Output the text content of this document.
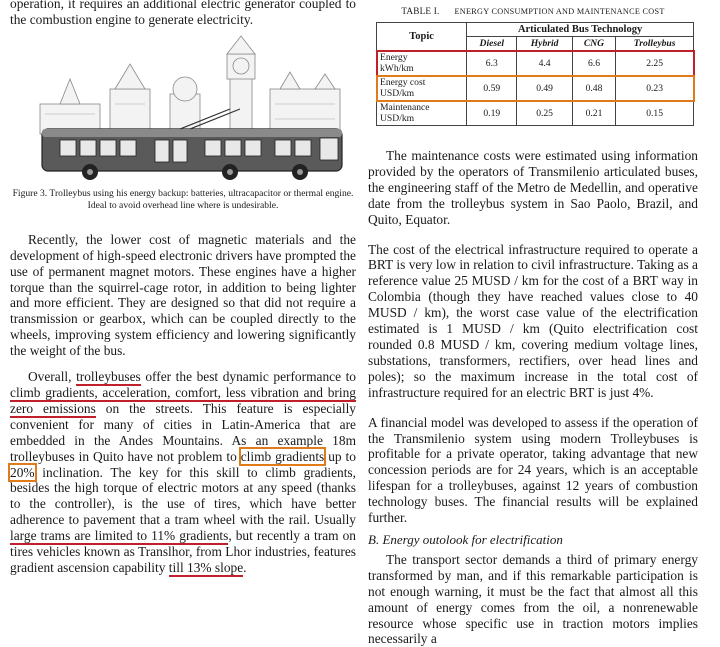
operation, it requires an additional electric generator coupled to the combustion engine to generate electricity.

Figure 3. Trolleybus using his energy backup: batteries, ultracapacitor or thermal engine. Ideal to avoid overhead line where is undesirable.

Recently, the lower cost of magnetic materials and the development of high-speed electronic drivers have prompted the use of permanent magnet motors. These engines have a higher torque than the squirrel-cage rotor, in addition to being lighter and more efficient. They are designed so that did not require a transmission or gearbox, which can be coupled directly to the wheels, improving system efficiency and lowering significantly the weight of the bus.

Overall, trolleybuses offer the best dynamic performance to climb gradients, acceleration, comfort, less vibration and bring zero emissions on the streets. This feature is especially convenient for many of cities in Latin-America that are embedded in the Andes Mountains. As an example 18m trolleybuses in Quito have not problem to climb gradients up to 20% inclination. The key for this skill to climb gradients, besides the high torque of electric motors at any speed (thanks to the controller), is the use of tires, which have better adherence to pavement that a tram wheel with the rail. Usually large trams are limited to 11% gradients, but recently a tram on tires vehicles known as Translhor, from Lhor industries, features gradient ascension capability till 13% slope.

TABLE I. ENERGY CONSUMPTION AND MAINTENANCE COST
Topic	Articulated Bus Technology			
	Diesel	Hybrid	CNG	Trolleybus
Energy
kWh/km	6.3	4.4	6.6	2.25
Energy cost
USD/km	0.59	0.49	0.48	0.23
Maintenance
USD/km	0.19	0.25	0.21	0.15

The maintenance costs were estimated using information provided by the operators of Transmilenio articulated buses, the engineering staff of the Metro de Medellin, and operative date from the trolleybus system in Sao Paolo, Brazil, and Quito, Equator.

The cost of the electrical infrastructure required to operate a BRT is very low in relation to civil infrastructure. Taking as a reference value 25 MUSD / km for the cost of a BRT way in Colombia (though they have reached values close to 40 MUSD / km), the worst case value of the electrification estimated is 1 MUSD / km (Quito electrification cost rounded 0.8 MUSD / km, covering medium voltage lines, substations, transformers, rectifiers, over head lines and poles); so the maximum increase in the total cost of infrastructure required for an electric BRT is just 4%.

A financial model was developed to assess if the operation of the Transmilenio system using modern Trolleybuses is profitable for a private operator, taking advantage that new concession periods are for 24 years, which is an acceptable lifespan for a trolleybuses, against 12 years of combustion technology buses. The financial results will be explained further.

B. Energy outolook for electrification

The transport sector demands a third of primary energy transformed by man, and if this remarkable participation is not enough warning, it must be the fact that almost all this amount of energy comes from the oil, a nonrenewable resource whose specific use in traction motors implies necessarily a
